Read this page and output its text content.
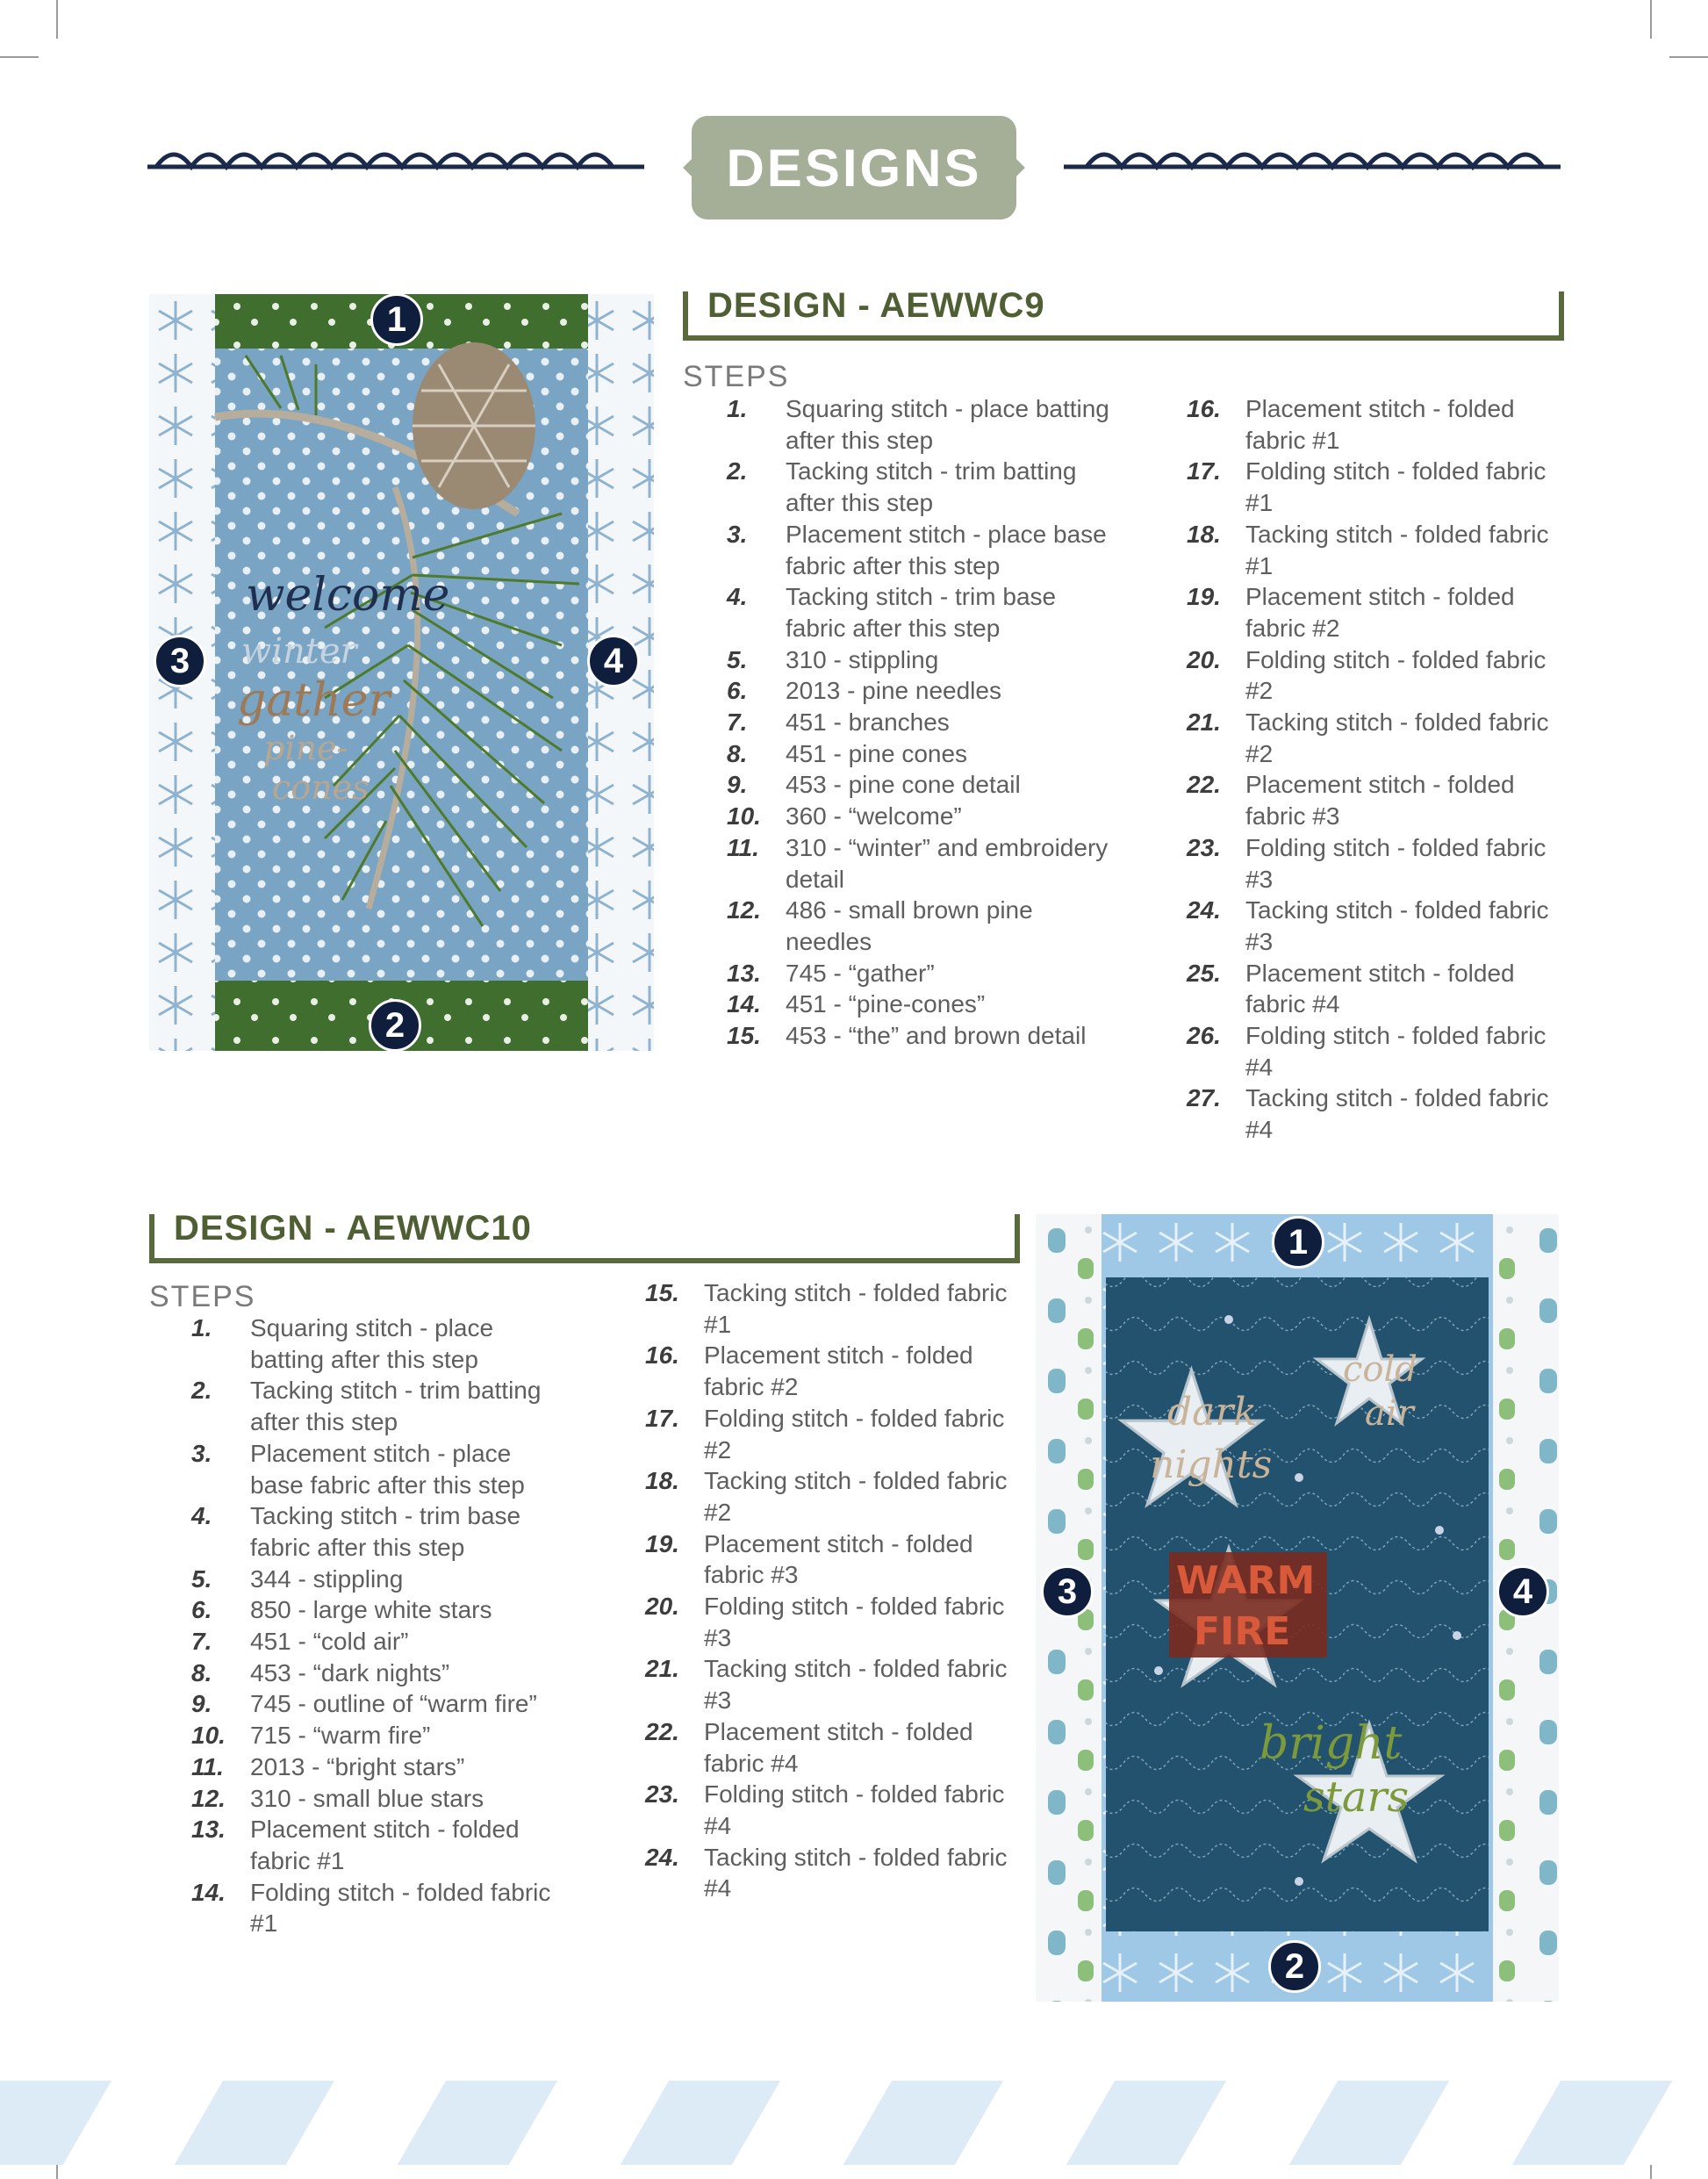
DESIGNS
welcome
winter
gather
pine-
cones
1
2
3	4
DESIGN - AEWWC9
STEPS
1. Squaring stitch - place batting after this step
2. Tacking stitch - trim batting after this step
3. Placement stitch - place base fabric after this step
4. Tacking stitch - trim base fabric after this step
5. 310 - stippling
6. 2013 - pine needles
7. 451 - branches
8. 451 - pine cones
9. 453 - pine cone detail
10. 360 - “welcome”
11. 310 - “winter” and embroidery detail
12. 486 - small brown pine needles
13. 745 - “gather”
14. 451 - “pine-cones”
15. 453 - “the” and brown detail
16. Placement stitch - folded fabric #1
17. Folding stitch - folded fabric #1
18. Tacking stitch - folded fabric #1
19. Placement stitch - folded fabric #2
20. Folding stitch - folded fabric #2
21. Tacking stitch - folded fabric #2
22. Placement stitch - folded fabric #3
23. Folding stitch - folded fabric #3
24. Tacking stitch - folded fabric #3
25. Placement stitch - folded fabric #4
26. Folding stitch - folded fabric #4
27. Tacking stitch - folded fabric #4
DESIGN - AEWWC10
STEPS
1. Squaring stitch - place batting after this step
2. Tacking stitch - trim batting after this step
3. Placement stitch - place base fabric after this step
4. Tacking stitch - trim base fabric after this step
5. 344 - stippling
6. 850 - large white stars
7. 451 - “cold air”
8. 453 - “dark nights”
9. 745 - outline of “warm fire”
10. 715 - “warm fire”
11. 2013 - “bright stars”
12. 310 - small blue stars
13. Placement stitch - folded fabric #1
14. Folding stitch - folded fabric #1
15. Tacking stitch - folded fabric #1
16. Placement stitch - folded fabric #2
17. Folding stitch - folded fabric #2
18. Tacking stitch - folded fabric #2
19. Placement stitch - folded fabric #3
20. Folding stitch - folded fabric #3
21. Tacking stitch - folded fabric #3
22. Placement stitch - folded fabric #4
23. Folding stitch - folded fabric #4
24. Tacking stitch - folded fabric #4
dark
nights
cold
air
WARM
FIRE
bright
stars
1
2
3	4
